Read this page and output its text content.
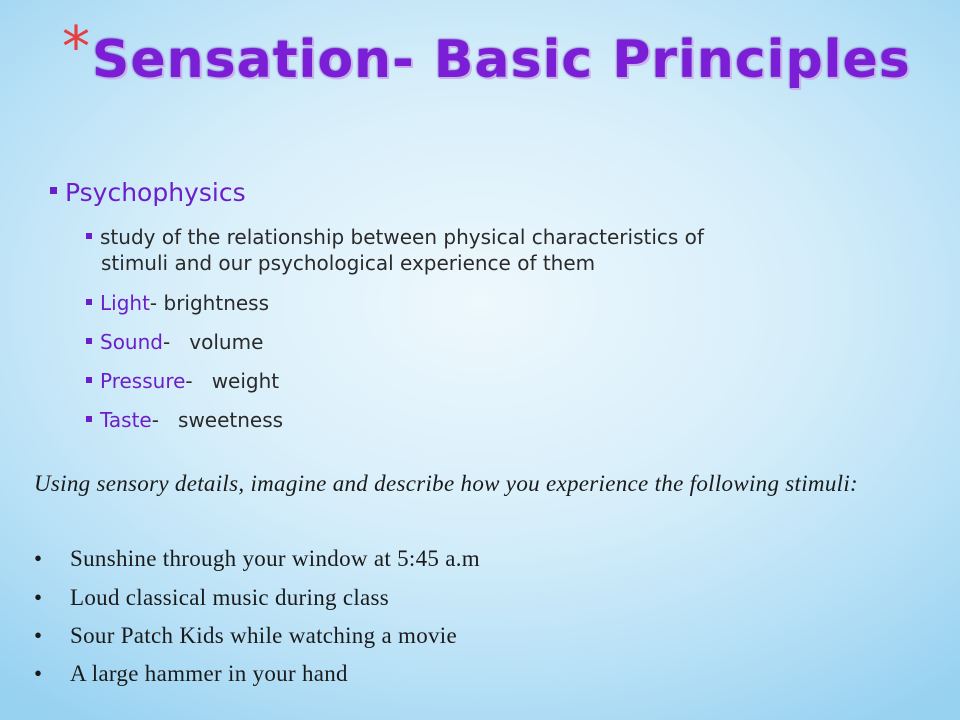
* Sensation- Basic Principles
Psychophysics
study of the relationship between physical characteristics of
stimuli and our psychological experience of them
Light- brightness
Sound-   volume
Pressure-   weight
Taste-   sweetness
Using sensory details, imagine and describe how you experience the following stimuli:
• Sunshine through your window at 5:45 a.m
• Loud classical music during class
• Sour Patch Kids while watching a movie
• A large hammer in your hand
